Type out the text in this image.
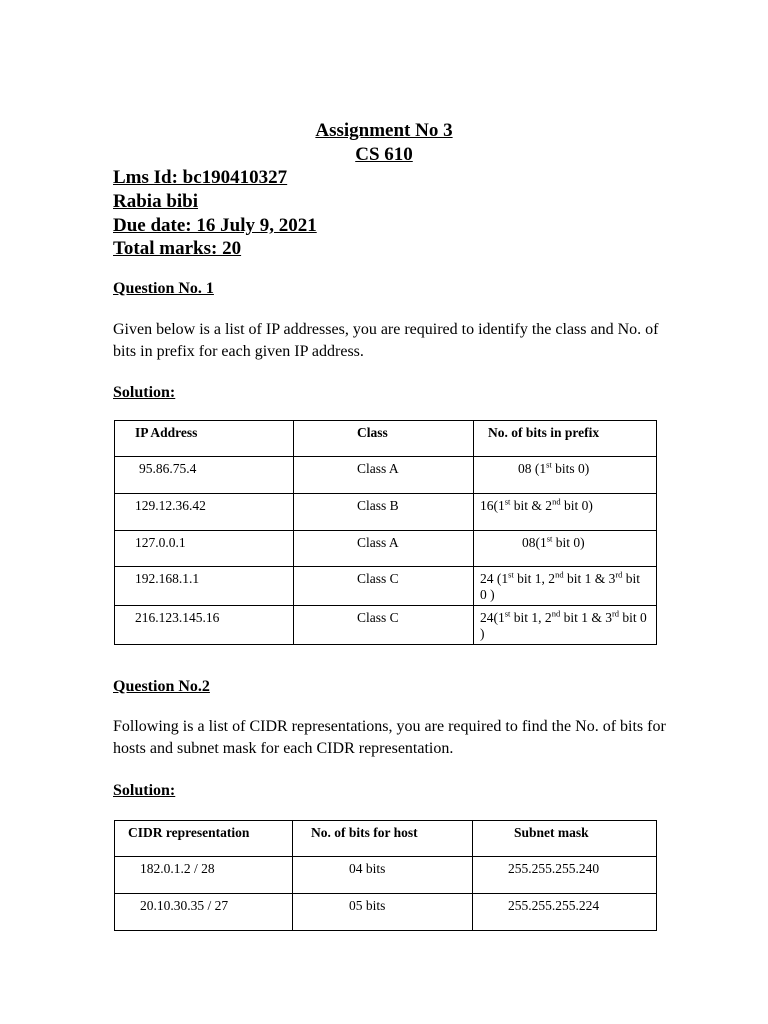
Assignment No 3
CS 610
Lms Id: bc190410327
Rabia bibi
Due date: 16 July 9, 2021
Total marks: 20
Question No. 1
Given below is a list of IP addresses, you are required to identify the class and No. of bits in prefix for each given IP address.
Solution:
IP Address	Class	No. of bits in prefix

95.86.75.4	Class A	08 (1st bits 0)

129.12.36.42	Class B	16(1st bit & 2nd bit 0)

127.0.0.1	Class A	08(1st bit 0)

192.168.1.1	Class C	24 (1st bit 1, 2nd bit 1 & 3rd bit 0 )

216.123.145.16	Class C	24(1st bit 1, 2nd bit 1 & 3rd bit 0 )
Question No.2
Following is a list of CIDR representations, you are required to find the No. of bits for hosts and subnet mask for each CIDR representation.
Solution:
CIDR representation	No. of bits for host	Subnet mask

182.0.1.2 / 28	04 bits	255.255.255.240

20.10.30.35 / 27	05 bits	255.255.255.224
